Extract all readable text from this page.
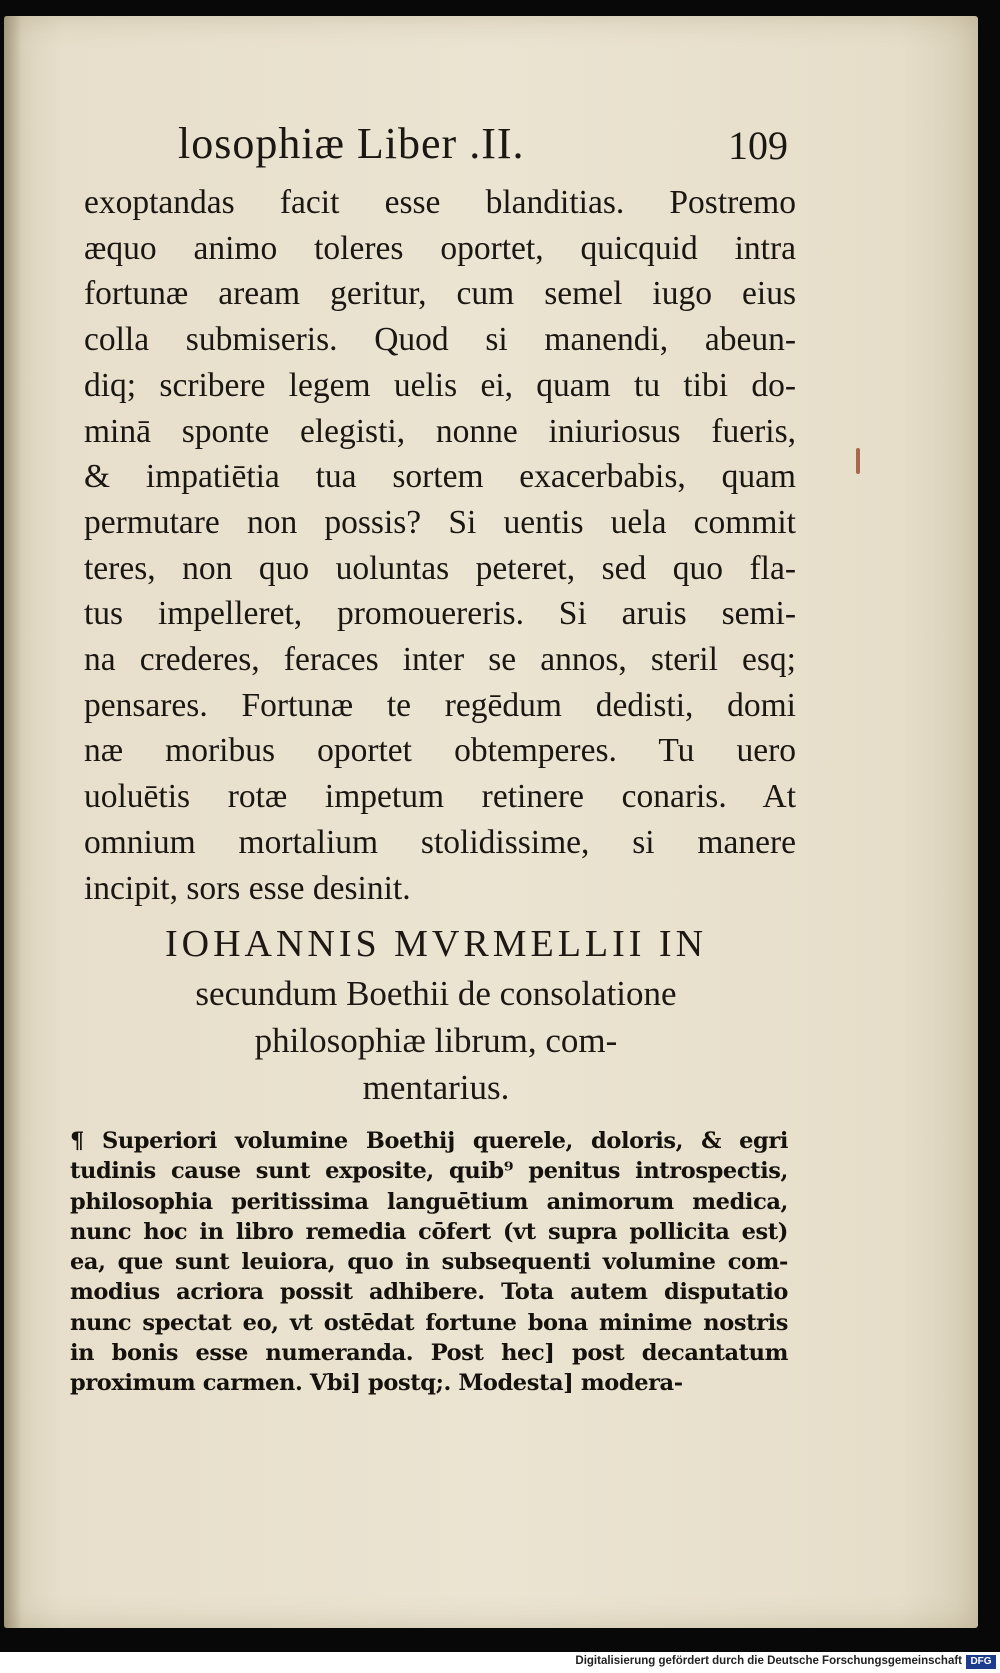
losophiæ Liber .II.	109
exoptandas facit esse blanditias. Postremo
æquo animo toleres oportet, quicquid intra
fortunæ aream geritur, cum semel iugo eius
colla submiseris. Quod si manendi, abeun-
diq; scribere legem uelis ei, quam tu tibi do-
minā sponte elegisti, nonne iniuriosus fueris,
& impatiētia tua sortem exacerbabis, quam
permutare non possis? Si uentis uela commit
teres, non quo uoluntas peteret, sed quo fla-
tus impelleret, promouereris. Si aruis semi-
na crederes, feraces inter se annos, steril esq;
pensares. Fortunæ te regēdum dedisti, domi
næ moribus oportet obtemperes. Tu uero
uoluētis rotæ impetum retinere conaris. At
omnium mortalium stolidissime, si manere
incipit, sors esse desinit.
IOHANNIS MVRMELLII IN
secundum Boethii de consolatione
philosophiæ librum, com-
mentarius.
¶ Superiori volumine Boethij querele, doloris, & egri
tudinis cause sunt exposite, quib⁹ penitus introspectis,
philosophia peritissima languētium animorum medica,
nunc hoc in libro remedia cōfert (vt supra pollicita est)
ea, que sunt leuiora, quo in subsequenti volumine com-
modius acriora possit adhibere. Tota autem disputatio
nunc spectat eo, vt ostēdat fortune bona minime nostris
in bonis esse numeranda. Post hec] post decantatum
proximum carmen. Vbi] postq;. Modesta] modera-
Digitalisierung gefördert durch die Deutsche Forschungsgemeinschaft DFG
